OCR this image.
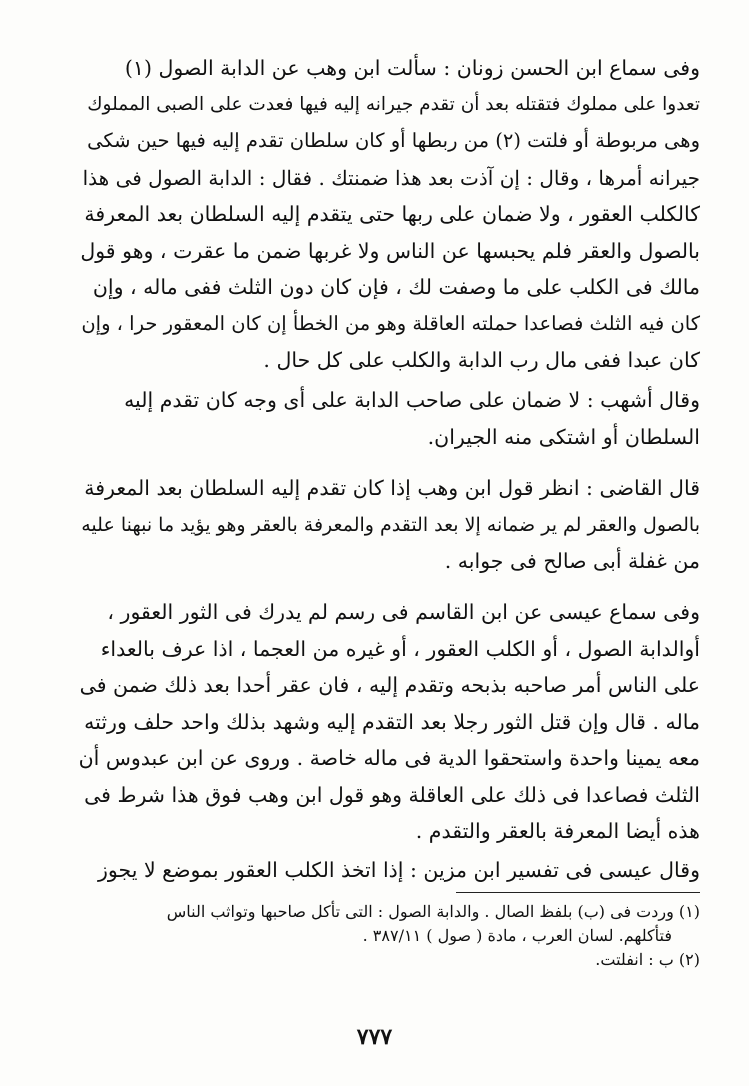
وفى سماع ابن الحسن زونان : سألت ابن وهب عن الدابة الصول (١)
تعدوا على مملوك فتقتله بعد أن تقدم جيرانه إليه فيها فعدت على الصبى المملوك
وهى مربوطة أو فلتت (٢) من ربطها أو كان سلطان تقدم إليه فيها حين شكى
جيرانه أمرها ، وقال : إن آذت بعد هذا ضمنتك . فقال : الدابة الصول فى هذا
كالكلب العقور ، ولا ضمان على ربها حتى يتقدم إليه السلطان بعد المعرفة
بالصول والعقر فلم يحبسها عن الناس ولا غربها ضمن ما عقرت ، وهو قول
مالك فى الكلب على ما وصفت لك ، فإن كان دون الثلث ففى ماله ، وإن
كان فيه الثلث فصاعدا حملته العاقلة وهو من الخطأ إن كان المعقور حرا ، وإن
كان عبدا ففى مال رب الدابة والكلب على كل حال .
وقال أشهب : لا ضمان على صاحب الدابة على أى وجه كان تقدم إليه
السلطان أو اشتكى منه الجيران.
قال القاضى : انظر قول ابن وهب إذا كان تقدم إليه السلطان بعد المعرفة
بالصول والعقر لم ير ضمانه إلا بعد التقدم والمعرفة بالعقر وهو يؤيد ما نبهنا عليه
من غفلة أبى صالح فى جوابه .
وفى سماع عيسى عن ابن القاسم فى رسم لم يدرك فى الثور العقور ،
أوالدابة الصول ، أو الكلب العقور ، أو غيره من العجما ، اذا عرف بالعداء
على الناس أمر صاحبه بذبحه وتقدم إليه ، فان عقر أحدا بعد ذلك ضمن فى
ماله . قال وإن قتل الثور رجلا بعد التقدم إليه وشهد بذلك واحد حلف ورثته
معه يمينا واحدة واستحقوا الدية فى ماله خاصة . وروى عن ابن عبدوس أن
الثلث فصاعدا فى ذلك على العاقلة وهو قول ابن وهب فوق هذا شرط فى
هذه أيضا المعرفة بالعقر والتقدم .
وقال عيسى فى تفسير ابن مزين : إذا اتخذ الكلب العقور بموضع لا يجوز
(١) وردت فى (ب) بلفظ الصال . والدابة الصول : التى تأكل صاحبها وتواثب الناس
فتأكلهم. لسان العرب ، مادة ( صول ) ٣٨٧/١١ .
(٢) ب : انفلتت.
٧٧٧
